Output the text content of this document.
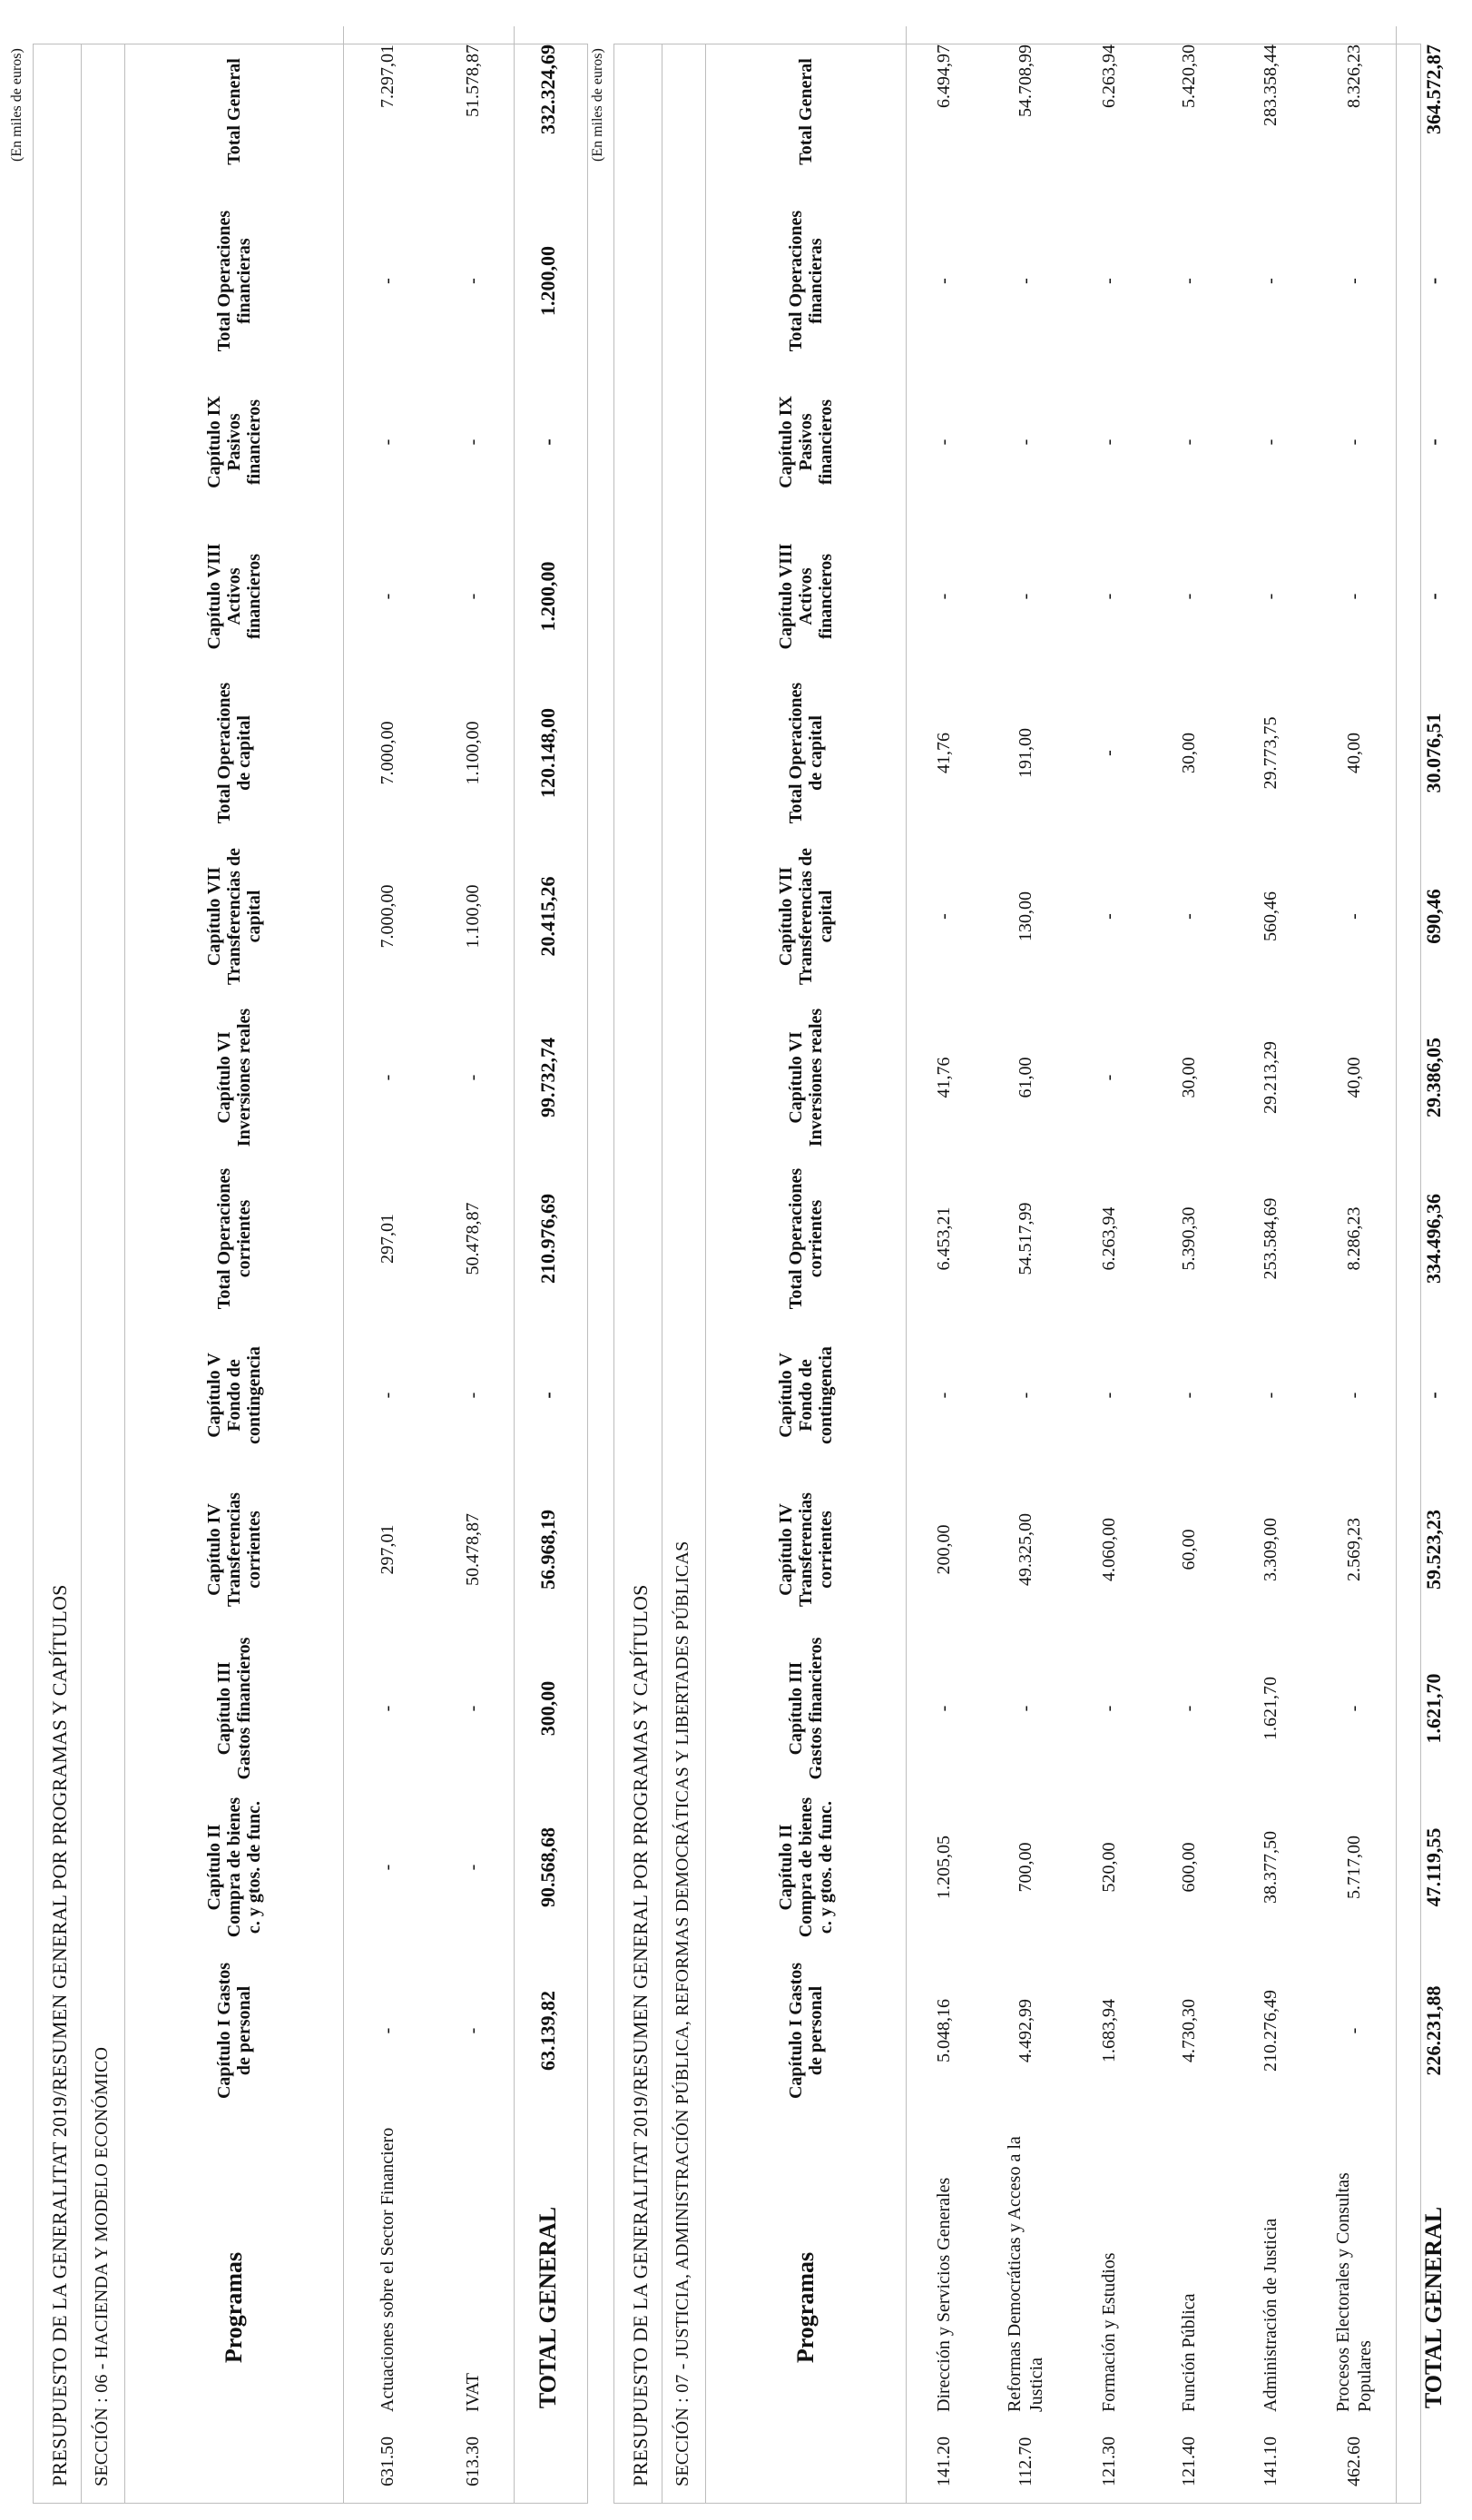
(En miles de euros)
PRESUPUESTO DE LA GENERALITAT 2019/RESUMEN GENERAL POR PROGRAMAS Y CAPÍTULOS SECCIÓN : 06 - HACIENDA Y MODELO ECONÓMICO	Programas		Capítulo I Gastos de personal	Capítulo II Compra de bienes c. y gtos. de func.	Capítulo III Gastos financieros	Capítulo IV Transferencias corrientes	Capítulo V Fondo de contingencia	Total Operaciones corrientes	Capítulo VI Inversiones reales	Capítulo VII Transferencias de capital	Total Operaciones de capital	Capítulo VIII Activos financieros	Capítulo IX Pasivos financieros	Total Operaciones financieras	Total General
631.50	Actuaciones sobre el Sector Financiero	-	-	-	297,01	-	297,01	-	7.000,00	7.000,00	-	-	-	7.297,01
613.30	IVAT	-	-	-	50.478,87	-	50.478,87	-	1.100,00	1.100,00	-	-	-	51.578,87
TOTAL GENERAL		63.139,82	90.568,68	300,00	56.968,19	-	210.976,69	99.732,74	20.415,26	120.148,00	1.200,00	-	1.200,00	332.324,69 (En miles de euros)
PRESUPUESTO DE LA GENERALITAT 2019/RESUMEN GENERAL POR PROGRAMAS Y CAPÍTULOS SECCIÓN : 07 - JUSTICIA, ADMINISTRACIÓN PÚBLICA, REFORMAS DEMOCRÁTICAS Y LIBERTADES PÚBLICAS	Programas		Capítulo I Gastos de personal	Capítulo II Compra de bienes c. y gtos. de func.	Capítulo III Gastos financieros	Capítulo IV Transferencias corrientes	Capítulo V Fondo de contingencia	Total Operaciones corrientes	Capítulo VI Inversiones reales	Capítulo VII Transferencias de capital	Total Operaciones de capital	Capítulo VIII Activos financieros	Capítulo IX Pasivos financieros	Total Operaciones financieras	Total General
141.20	Dirección y Servicios Generales	5.048,16	1.205,05	-	200,00	-	6.453,21	41,76	-	41,76	-	-	-	6.494,97
112.70	Reformas Democráticas y Acceso a la Justicia	4.492,99	700,00	-	49.325,00	-	54.517,99	61,00	130,00	191,00	-	-	-	54.708,99
121.30	Formación y Estudios	1.683,94	520,00	-	4.060,00	-	6.263,94	-	-	-	-	-	-	6.263,94
121.40	Función Pública	4.730,30	600,00	-	60,00	-	5.390,30	30,00	-	30,00	-	-	-	5.420,30
141.10	Administración de Justicia	210.276,49	38.377,50	1.621,70	3.309,00	-	253.584,69	29.213,29	560,46	29.773,75	-	-	-	283.358,44
462.60	Procesos Electorales y Consultas Populares	-	5.717,00	-	2.569,23	-	8.286,23	40,00	-	40,00	-	-	-	8.326,23
TOTAL GENERAL		226.231,88	47.119,55	1.621,70	59.523,23	-	334.496,36	29.386,05	690,46	30.076,51	-	-	-	364.572,87
